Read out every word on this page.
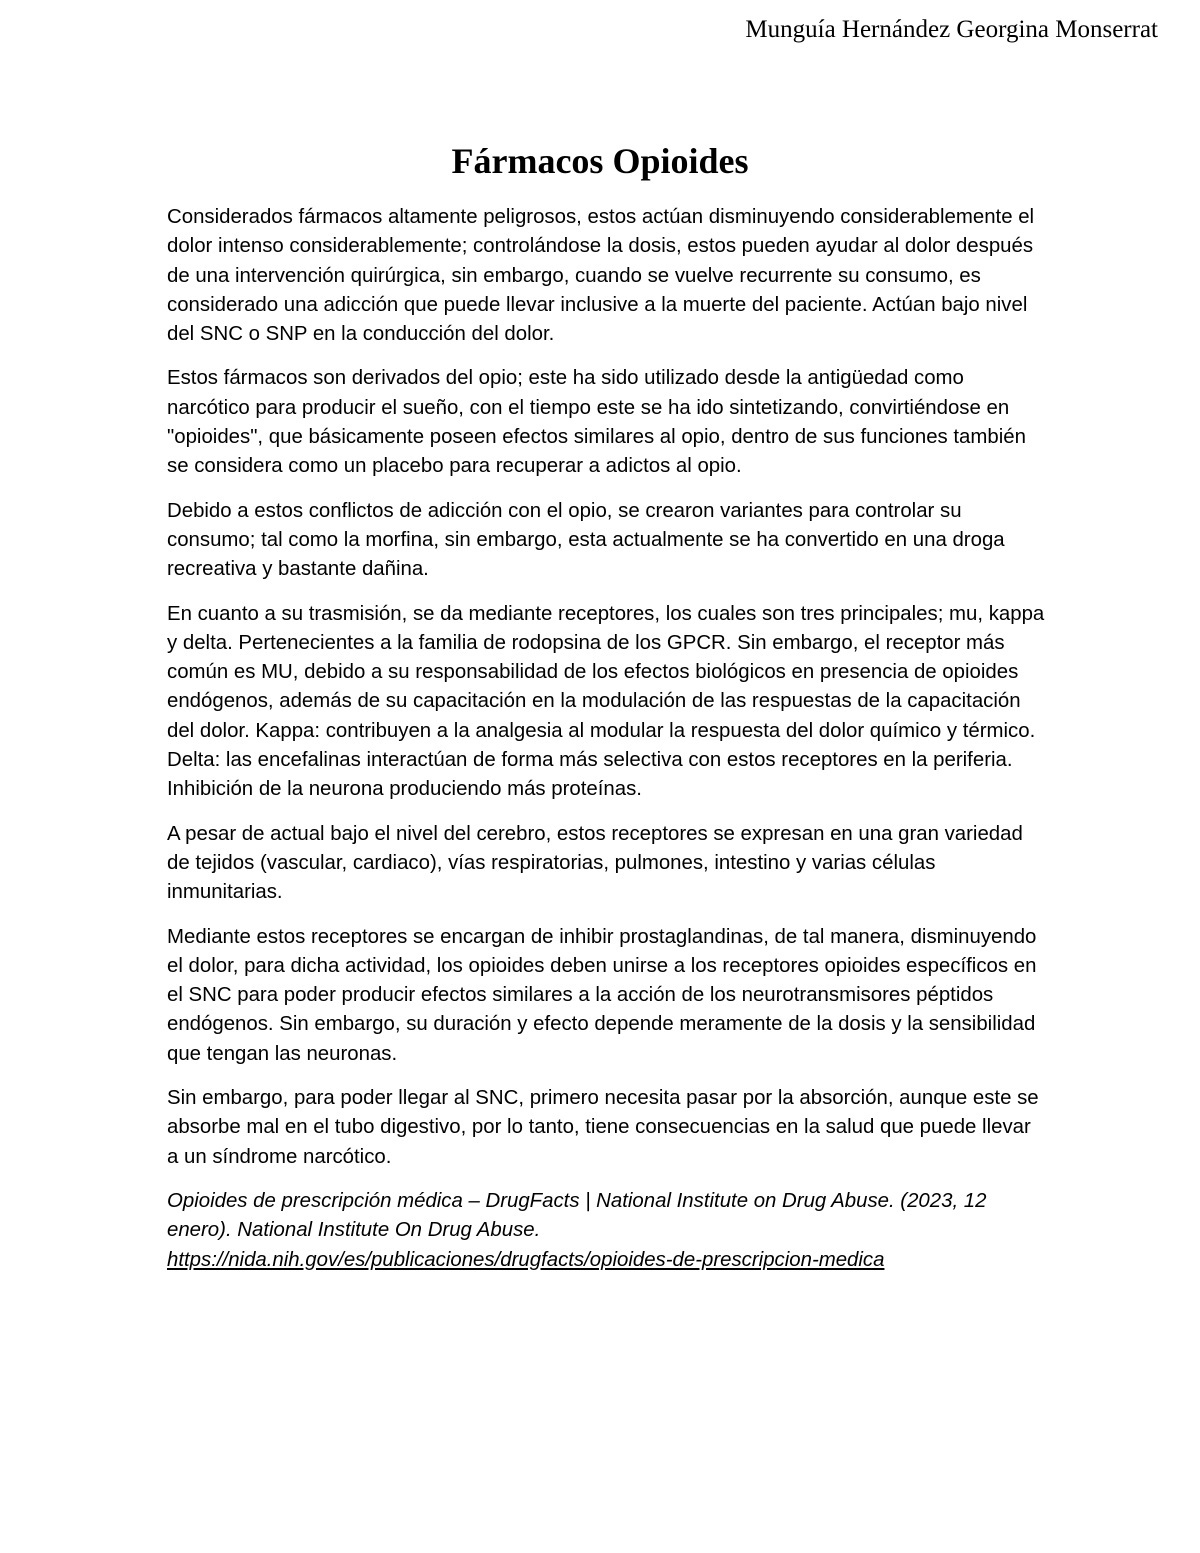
Munguía Hernández Georgina Monserrat
Fármacos Opioides

Considerados fármacos altamente peligrosos, estos actúan disminuyendo considerablemente el dolor intenso considerablemente; controlándose la dosis, estos pueden ayudar al dolor después de una intervención quirúrgica, sin embargo, cuando se vuelve recurrente su consumo, es considerado una adicción que puede llevar inclusive a la muerte del paciente. Actúan bajo nivel del SNC o SNP en la conducción del dolor.

Estos fármacos son derivados del opio; este ha sido utilizado desde la antigüedad como narcótico para producir el sueño, con el tiempo este se ha ido sintetizando, convirtiéndose en "opioides", que básicamente poseen efectos similares al opio, dentro de sus funciones también se considera como un placebo para recuperar a adictos al opio.

Debido a estos conflictos de adicción con el opio, se crearon variantes para controlar su consumo; tal como la morfina, sin embargo, esta actualmente se ha convertido en una droga recreativa y bastante dañina.

En cuanto a su trasmisión, se da mediante receptores, los cuales son tres principales; mu, kappa y delta. Pertenecientes a la familia de rodopsina de los GPCR. Sin embargo, el receptor más común es MU, debido a su responsabilidad de los efectos biológicos en presencia de opioides endógenos, además de su capacitación en la modulación de las respuestas de la capacitación del dolor. Kappa: contribuyen a la analgesia al modular la respuesta del dolor químico y térmico. Delta: las encefalinas interactúan de forma más selectiva con estos receptores en la periferia. Inhibición de la neurona produciendo más proteínas.

A pesar de actual bajo el nivel del cerebro, estos receptores se expresan en una gran variedad de tejidos (vascular, cardiaco), vías respiratorias, pulmones, intestino y varias células inmunitarias.

Mediante estos receptores se encargan de inhibir prostaglandinas, de tal manera, disminuyendo el dolor, para dicha actividad, los opioides deben unirse a los receptores opioides específicos en el SNC para poder producir efectos similares a la acción de los neurotransmisores péptidos endógenos. Sin embargo, su duración y efecto depende meramente de la dosis y la sensibilidad que tengan las neuronas.

Sin embargo, para poder llegar al SNC, primero necesita pasar por la absorción, aunque este se absorbe mal en el tubo digestivo, por lo tanto, tiene consecuencias en la salud que puede llevar a un síndrome narcótico.

Opioides de prescripción médica – DrugFacts | National Institute on Drug Abuse. (2023, 12 enero). National Institute On Drug Abuse.
https://nida.nih.gov/es/publicaciones/drugfacts/opioides-de-prescripcion-medica
